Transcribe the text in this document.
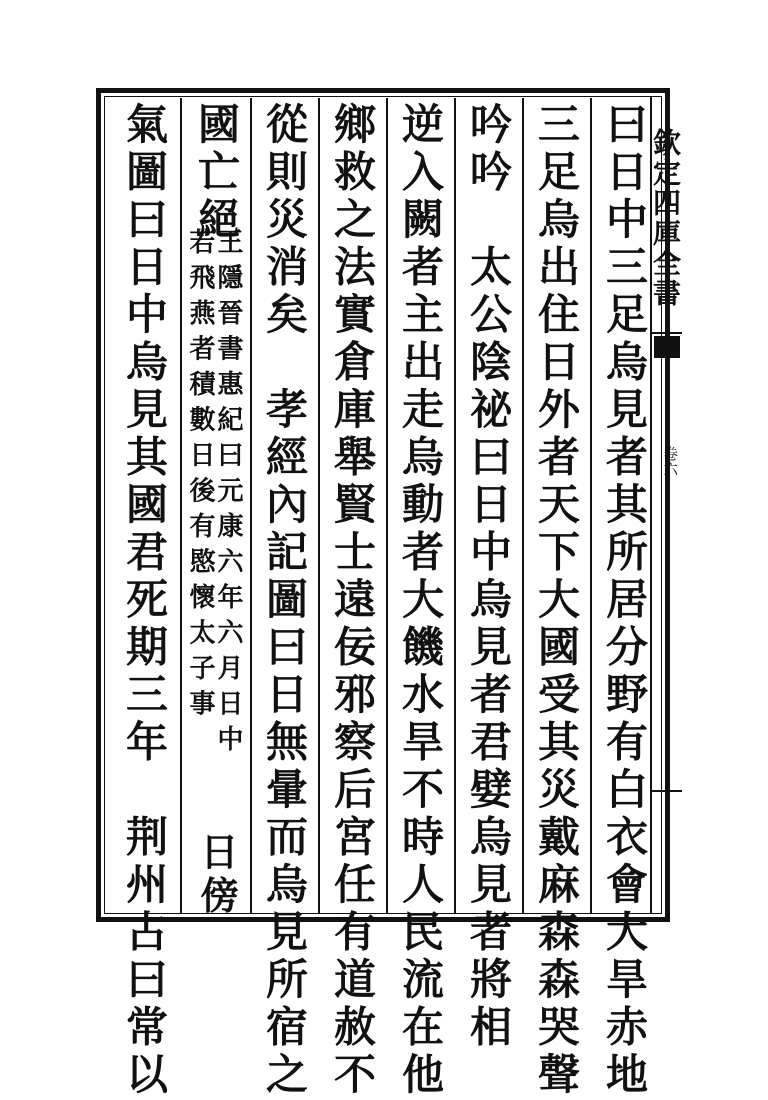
欽定四庫全書
卷六
曰日中三足烏見者其所居分野有白衣會大旱赤地
三足烏出住日外者天下大國受其災戴麻森森哭聲
吟吟　太公陰祕曰日中烏見者君嬖烏見者將相
逆入闕者主出走烏動者大饑水旱不時人民流在他
鄉救之法實倉庫舉賢士遠佞邪察后宮任有道赦不
從則災消矣　孝經內記圖曰日無暈而烏見所宿之
國亡絕
王隱晉書惠紀曰元康六年六月日中
若飛燕者積數日後有愍懷太子事
日傍
氣圖曰日中烏見其國君死期三年　荆州占曰常以
